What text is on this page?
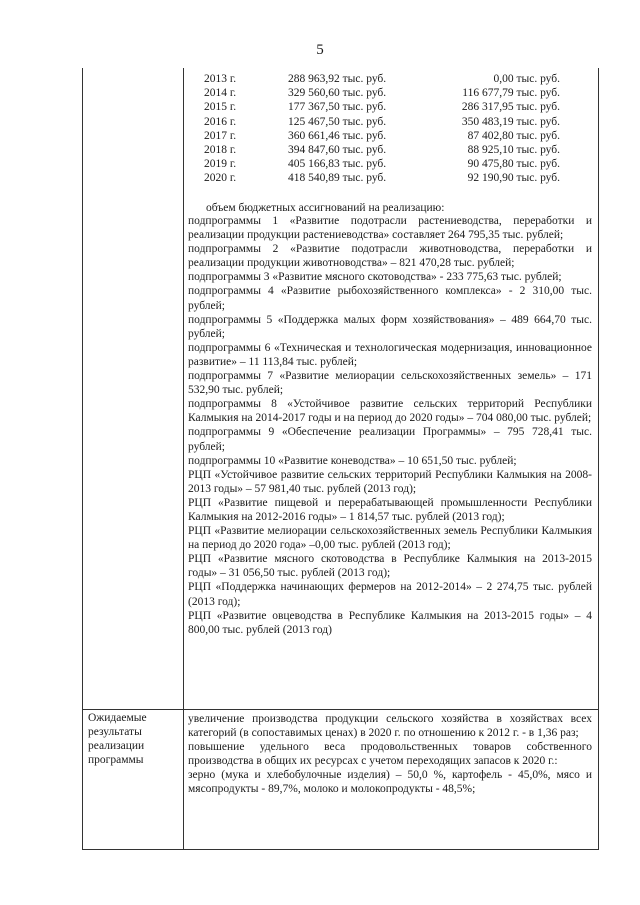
5
2013 г.	288 963,92 тыс. руб.	0,00 тыс. руб.
2014 г.	329 560,60 тыс. руб.	116 677,79 тыс. руб.
2015 г.	177 367,50 тыс. руб.	286 317,95 тыс. руб.
2016 г.	125 467,50 тыс. руб.	350 483,19 тыс. руб.
2017 г.	360 661,46 тыс. руб.	87 402,80 тыс. руб.
2018 г.	394 847,60 тыс. руб.	88 925,10 тыс. руб.
2019 г.	405 166,83 тыс. руб.	90 475,80 тыс. руб.
2020 г.	418 540,89 тыс. руб.	92 190,90 тыс. руб.
объем бюджетных ассигнований на реализацию:
подпрограммы 1 «Развитие подотрасли растениеводства, переработки и реализации продукции растениеводства» составляет 264 795,35 тыс. рублей;
подпрограммы 2 «Развитие подотрасли животноводства, переработки и реализации продукции животноводства» – 821 470,28 тыс. рублей;
подпрограммы 3 «Развитие мясного скотоводства» - 233 775,63 тыс. рублей;
подпрограммы 4 «Развитие рыбохозяйственного комплекса» - 2 310,00 тыс. рублей;
подпрограммы 5 «Поддержка малых форм хозяйствования» – 489 664,70 тыс. рублей;
подпрограммы 6 «Техническая и технологическая модернизация, инновационное развитие» – 11 113,84 тыс. рублей;
подпрограммы 7 «Развитие мелиорации сельскохозяйственных земель» – 171 532,90 тыс. рублей;
подпрограммы 8 «Устойчивое развитие сельских территорий Республики Калмыкия на 2014-2017 годы и на период до 2020 годы» – 704 080,00 тыс. рублей;
подпрограммы 9 «Обеспечение реализации Программы» – 795 728,41 тыс. рублей;
подпрограммы 10 «Развитие коневодства» – 10 651,50 тыс. рублей;
РЦП «Устойчивое развитие сельских территорий Республики Калмыкия на 2008-2013 годы» – 57 981,40 тыс. рублей (2013 год);
РЦП «Развитие пищевой и перерабатывающей промышленности Республики Калмыкия на 2012-2016 годы» – 1 814,57 тыс. рублей (2013 год);
РЦП «Развитие мелиорации сельскохозяйственных земель Республики Калмыкия на период до 2020 года» –0,00 тыс. рублей (2013 год);
РЦП «Развитие мясного скотоводства в Республике Калмыкия на 2013-2015 годы» – 31 056,50 тыс. рублей (2013 год);
РЦП «Поддержка начинающих фермеров на 2012-2014» – 2 274,75 тыс. рублей (2013 год);
РЦП «Развитие овцеводства в Республике Калмыкия на 2013-2015 годы» – 4 800,00 тыс. рублей (2013 год)
Ожидаемые результаты реализации программы
увеличение производства продукции сельского хозяйства в хозяйствах всех категорий (в сопоставимых ценах) в 2020 г. по отношению к 2012 г. - в 1,36 раз;
повышение удельного веса продовольственных товаров собственного производства в общих их ресурсах с учетом переходящих запасов к 2020 г.:
зерно (мука и хлебобулочные изделия) – 50,0 %, картофель - 45,0%, мясо и мясопродукты - 89,7%, молоко и молокопродукты - 48,5%;
